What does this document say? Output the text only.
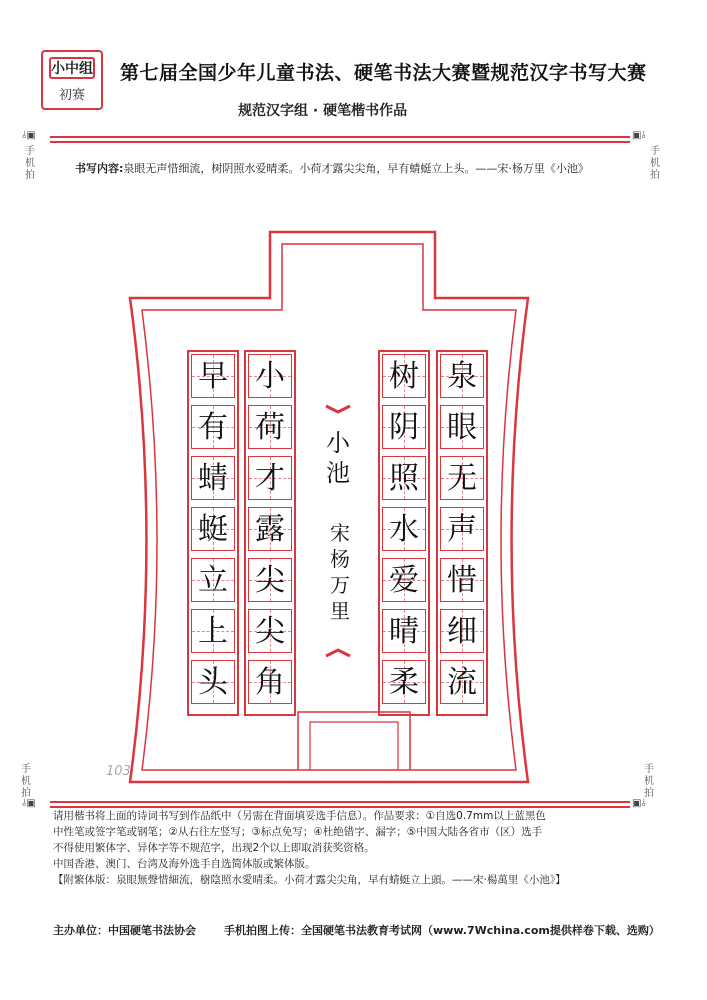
小中组
初赛
第七届全国少年儿童书法、硬笔书法大赛暨规范汉字书写大赛
规范汉字组 · 硬笔楷书作品
⫰▣
手机拍
▣⫰
手机拍
书写内容:泉眼无声惜细流，树阴照水爱晴柔。小荷才露尖尖角，早有蜻蜓立上头。——宋·杨万里《小池》
泉
眼
无
声
惜
细
流
树
阴
照
水
爱
晴
柔
小
荷
才
露
尖
尖
角
早
有
蜻
蜓
立
上
头
小
池
宋
杨
万
里
103
手机拍
⫰▣
手机拍
▣⫰
请用楷书将上面的诗词书写到作品纸中（另需在背面填妥选手信息）。作品要求：①自选0.7mm以上蓝黑色
中性笔或签字笔或钢笔；②从右往左竖写；③标点免写；④杜绝错字、漏字；⑤中国大陆各省市（区）选手
不得使用繁体字、异体字等不规范字，出现2个以上即取消获奖资格。
中国香港、澳门、台湾及海外选手自选简体版或繁体版。
【附繁体版：泉眼無聲惜細流，樹陰照水愛晴柔。小荷才露尖尖角，早有蜻蜓立上頭。——宋·楊萬里《小池》】
主办单位：中国硬笔书法协会	手机拍图上传：全国硬笔书法教育考试网（www.7Wchina.com提供样卷下载、选购）
